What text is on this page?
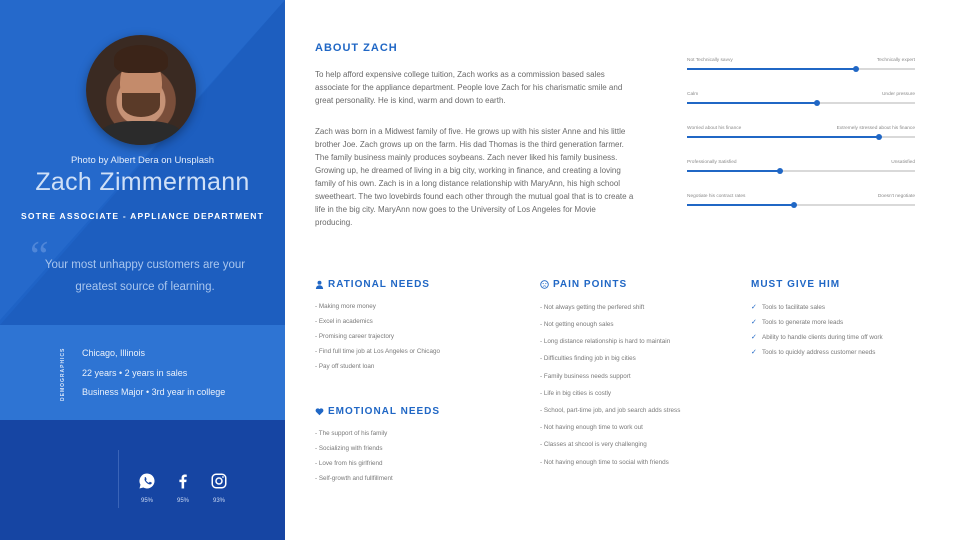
Photo by Albert Dera on Unsplash
Zach Zimmermann
SOTRE ASSOCIATE - APPLIANCE DEPARTMENT
“
Your most unhappy customers are your greatest source of learning.
DEMOGRAPHICS Chicago, Illinois
22 years • 2 years in sales
Business Major • 3rd year in college
95%	95%	93%
ABOUT ZACH
To help afford expensive college tuition, Zach works as a commission based sales associate for the appliance department. People love Zach for his charismatic smile and great personality. He is kind, warm and down to earth.
Zach was born in a Midwest family of five. He grows up with his sister Anne and his little brother Joe. Zach grows up on the farm. His dad Thomas is the third generation farmer. The family business mainly produces soybeans. Zach never liked his family business. Growing up, he dreamed of living in a big city, working in finance, and creating a loving family of his own. Zach is in a long distance relationship with MaryAnn, his high school sweetheart. The two lovebirds found each other through the mutual goal that is to create a life in the big city. MaryAnn now goes to the University of Los Angeles for Movie producing.
Not Technically savvy	Technically expert
Calm	Under pressure
Worried about his finance	Extremely stressed about his finance
Professionally Satisfied	Unsatisfied
Negotiate his contract rates	Doesn't negotiate
RATIONAL NEEDS
- Making more money
- Excel in academics
- Promising career trajectory
- Find full time job at Los Angeles or Chicago
- Pay off student loan
EMOTIONAL NEEDS
- The support of his family
- Socializing with friends
- Love from his girlfriend
- Self-growth and fullfillment
PAIN POINTS
- Not always getting the perfered shift
- Not getting enough sales
- Long distance relationship is hard to maintain
- Difficulties finding job in big cities
- Family business needs support
- Life in big cities is costly
- School, part-time job, and job search adds stress
- Not having enough time to work out
- Classes at shcool is very challenging
- Not having enough time to social with friends
MUST GIVE HIM
✓ Tools to facilitate sales
✓ Tools to generate more leads
✓ Ability to handle clients during time off work
✓ Tools to quickly address customer needs
